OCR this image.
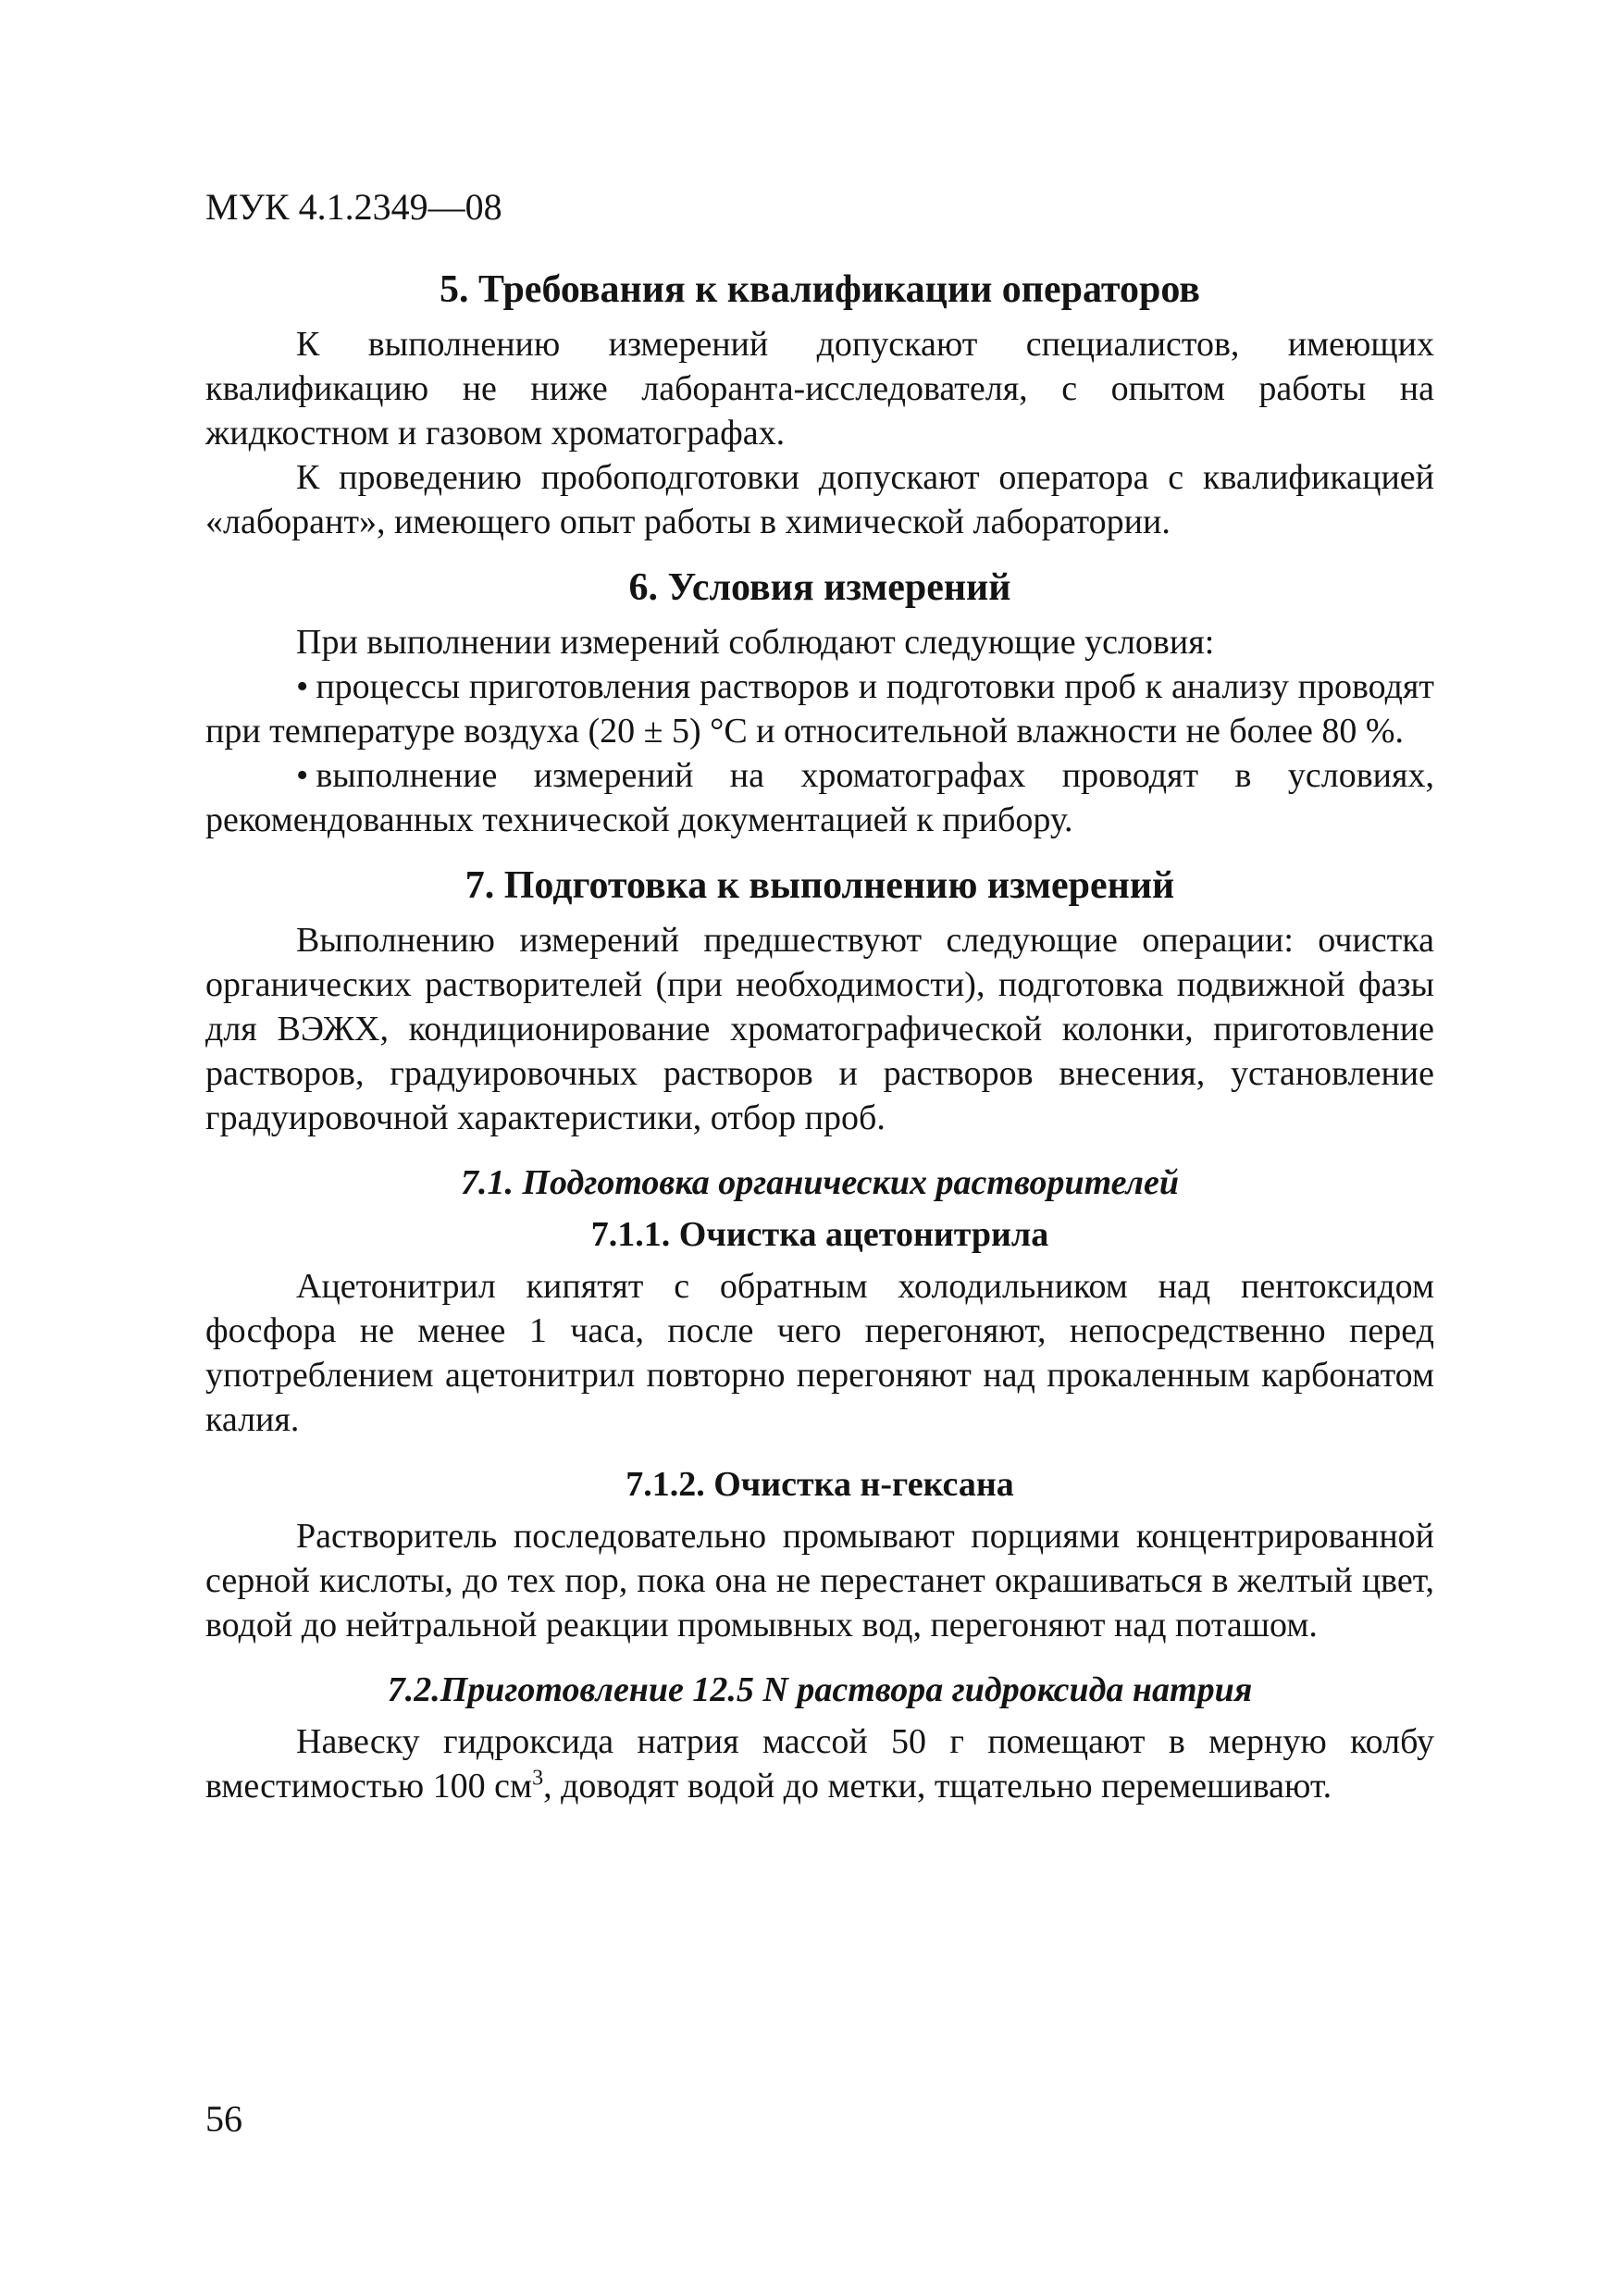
МУК 4.1.2349—08
5. Требования к квалификации операторов

К выполнению измерений допускают специалистов, имеющих квалификацию не ниже лаборанта-исследователя, с опытом работы на жидкостном и газовом хроматографах.

К проведению пробоподготовки допускают оператора с квалификацией «лаборант», имеющего опыт работы в химической лаборатории.

6. Условия измерений

При выполнении измерений соблюдают следующие условия:

• процессы приготовления растворов и подготовки проб к анализу проводят при температуре воздуха (20 ± 5) °С и относительной влажности не более 80 %.

• выполнение измерений на хроматографах проводят в условиях, рекомендованных технической документацией к прибору.

7. Подготовка к выполнению измерений

Выполнению измерений предшествуют следующие операции: очистка органических растворителей (при необходимости), подготовка подвижной фазы для ВЭЖХ, кондиционирование хроматографической колонки, приготовление растворов, градуировочных растворов и растворов внесения, установление градуировочной характеристики, отбор проб.

7.1. Подготовка органических растворителей
7.1.1. Очистка ацетонитрила

Ацетонитрил кипятят с обратным холодильником над пентоксидом фосфора не менее 1 часа, после чего перегоняют, непосредственно перед употреблением ацетонитрил повторно перегоняют над прокаленным карбонатом калия.

7.1.2. Очистка н-гексана

Растворитель последовательно промывают порциями концентрированной серной кислоты, до тех пор, пока она не перестанет окрашиваться в желтый цвет, водой до нейтральной реакции промывных вод, перегоняют над поташом.

7.2.Приготовление 12.5 N раствора гидроксида натрия

Навеску гидроксида натрия массой 50 г помещают в мерную колбу вместимостью 100 $см^3$, доводят водой до метки, тщательно перемешивают.

56
